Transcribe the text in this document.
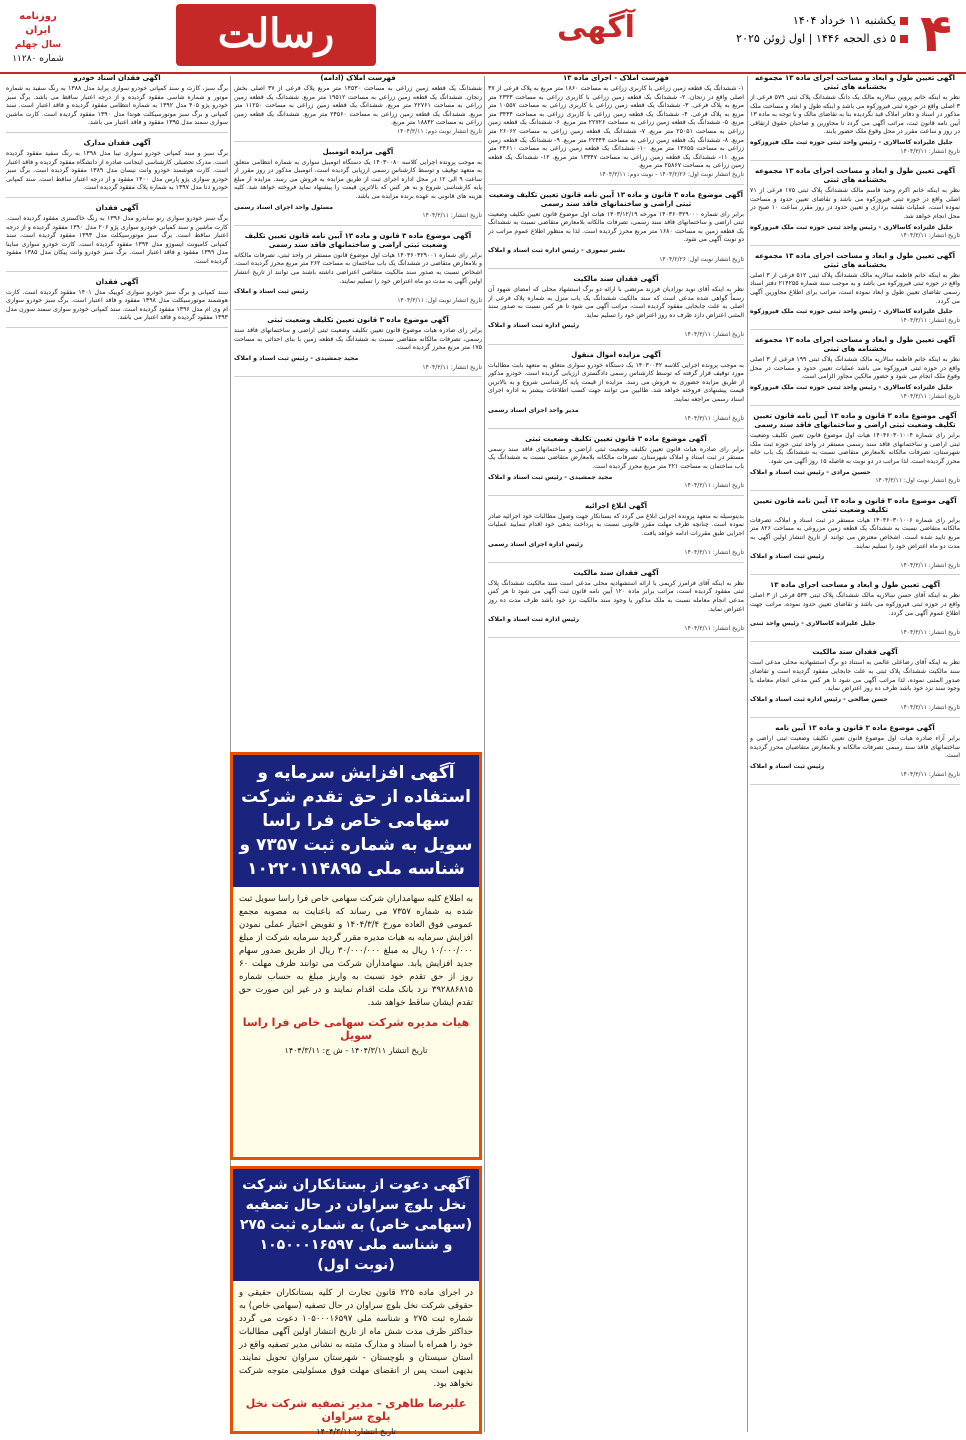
۴
یکشنبه ۱۱ خرداد ۱۴۰۴
۵ ذی الحجه ۱۴۴۶ | اول ژوئن ۲۰۲۵
آگهی
رسالت
روزنامه ایران
سال چهلم
شماره ۱۱۲۸۰
آگهی تعیین طول و ابعاد و مساحت اجرای ماده ۱۳ مجموعه بخشنامه های ثبتی

نظر به اینکه خانم پروین سالاریه مالک یک دانگ ششدانگ پلاک ثبتی ۵۷۹ فرعی از ۳ اصلی واقع در حوزه ثبتی فیروزکوه می باشد و اینکه طول و ابعاد و مساحت ملک مذکور در اسناد و دفاتر املاک قید نگردیده بنا به تقاضای مالک و با توجه به ماده ۱۳ آیین نامه قانون ثبت، مراتب آگهی می گردد تا مجاورین و صاحبان حقوق ارتفاقی در روز و ساعت مقرر در محل وقوع ملک حضور یابند.

جلیل علیزاده کاسالاری - رئیس واحد ثبتی حوزه ثبت ملک فیروزکوه

تاریخ انتشار: ۱۴۰۴/۳/۱۱

آگهی تعیین طول و ابعاد و مساحت اجرای ماده ۱۳ مجموعه بخشنامه های ثبتی

نظر به اینکه خانم اکرم وحید قاسم مالک ششدانگ پلاک ثبتی ۱۷۵ فرعی از ۷۱ اصلی واقع در حوزه ثبتی فیروزکوه می باشد و تقاضای تعیین حدود و مساحت نموده است، عملیات نقشه برداری و تعیین حدود در روز مقرر ساعت ۱۰ صبح در محل انجام خواهد شد.

جلیل علیزاده کاسالاری - رئیس واحد ثبتی حوزه ثبت ملک فیروزکوه

تاریخ انتشار: ۱۴۰۴/۳/۱۱

آگهی تعیین طول و ابعاد و مساحت اجرای ماده ۱۳ مجموعه بخشنامه های ثبتی

نظر به اینکه خانم فاطمه سالاریه مالک ششدانگ پلاک ثبتی ۵۱۲ فرعی از ۳ اصلی واقع در حوزه ثبتی فیروزکوه می باشد و به موجب سند شماره ۲۱۴۲۵۵ دفتر اسناد رسمی تقاضای تعیین طول و ابعاد نموده است، مراتب برای اطلاع مجاورین آگهی می گردد.

جلیل علیزاده کاسالاری - رئیس واحد ثبتی حوزه ثبت ملک فیروزکوه

تاریخ انتشار: ۱۴۰۴/۳/۱۱

آگهی تعیین طول و ابعاد و مساحت اجرای ماده ۱۳ مجموعه بخشنامه های ثبتی

نظر به اینکه خانم فاطمه سالاریه مالک ششدانگ پلاک ثبتی ۱۹۹ فرعی از ۳ اصلی واقع در حوزه ثبتی فیروزکوه می باشد عملیات تعیین حدود و مساحت در محل وقوع ملک انجام می شود و حضور مالکین مجاور الزامی است.

جلیل علیزاده کاسالاری - رئیس واحد ثبتی حوزه ثبت ملک فیروزکوه

تاریخ انتشار: ۱۴۰۴/۳/۱۱

آگهی موضوع ماده ۳ قانون و ماده ۱۳ آیین نامه قانون تعیین تکلیف وضعیت ثبتی اراضی و ساختمانهای فاقد سند رسمی

برابر رای شماره ۱۴۰۴۶۰۳۰۱۰۰۴ هیات اول موضوع قانون تعیین تکلیف وضعیت ثبتی اراضی و ساختمانهای فاقد سند رسمی مستقر در واحد ثبتی حوزه ثبت ملک شهرستان، تصرفات مالکانه بلامعارض متقاضی نسبت به ششدانگ یک باب خانه محرز گردیده است. لذا مراتب در دو نوبت به فاصله ۱۵ روز آگهی می شود.

حسین مرادی - رئیس ثبت اسناد و املاک

تاریخ انتشار نوبت اول: ۱۴۰۴/۳/۱۱

آگهی موضوع ماده ۳ قانون و ماده ۱۳ آیین نامه قانون تعیین تکلیف وضعیت ثبتی

برابر رای شماره ۱۴۰۴۶۰۳۰۱۰۰۶ هیات مستقر در ثبت اسناد و املاک، تصرفات مالکانه متقاضی نسبت به ششدانگ یک قطعه زمین مزروعی به مساحت ۸۲۶ متر مربع تایید شده است. اشخاص معترض می توانند از تاریخ انتشار اولین آگهی به مدت دو ماه اعتراض خود را تسلیم نمایند.

رئیس ثبت اسناد و املاک

تاریخ انتشار: ۱۴۰۴/۳/۱۱

آگهی تعیین طول و ابعاد و مساحت اجرای ماده ۱۳

نظر به اینکه آقای حسن سالاریه مالک ششدانگ پلاک ثبتی ۵۳۴ فرعی از ۳ اصلی واقع در حوزه ثبتی فیروزکوه می باشد و تقاضای تعیین حدود نموده، مراتب جهت اطلاع عموم آگهی می گردد.

جلیل علیزاده کاسالاری - رئیس واحد ثبتی

تاریخ انتشار: ۱۴۰۴/۳/۱۱

آگهی فقدان سند مالکیت

نظر به اینکه آقای رضاعلی عالمی به استناد دو برگ استشهادیه محلی مدعی است سند مالکیت ششدانگ پلاک ثبتی به علت جابجایی مفقود گردیده است و تقاضای صدور المثنی نموده، لذا مراتب آگهی می شود تا هر کس مدعی انجام معامله یا وجود سند نزد خود باشد ظرف ده روز اعتراض نماید.

حسن صالحی - رئیس اداره ثبت اسناد و املاک

تاریخ انتشار: ۱۴۰۴/۳/۱۱

آگهی موضوع ماده ۳ قانون و ماده ۱۳ آیین نامه

برابر آراء صادره هیات اول موضوع قانون تعیین تکلیف وضعیت ثبتی اراضی و ساختمانهای فاقد سند رسمی تصرفات مالکانه و بلامعارض متقاضیان محرز گردیده است.

رئیس ثبت اسناد و املاک

تاریخ انتشار: ۱۴۰۴/۳/۱۱

فهرست املاک - اجرای ماده ۱۳

۱- ششدانگ یک قطعه زمین زراعی با کاربری زراعی به مساحت ۱۸۶۰ متر مربع به پلاک فرعی از ۳۷ اصلی واقع در زنجان. ۲- ششدانگ یک قطعه زمین زراعی با کاربری زراعی به مساحت ۲۳۴۳ متر مربع به پلاک فرعی. ۳- ششدانگ یک قطعه زمین زراعی با کاربری زراعی به مساحت ۱۰۵۵۷ متر مربع به پلاک فرعی. ۴- ششدانگ یک قطعه زمین زراعی با کاربری زراعی به مساحت ۳۴۳۴ متر مربع. ۵- ششدانگ یک قطعه زمین زراعی به مساحت ۲۲۷۲۶ متر مربع. ۶- ششدانگ یک قطعه زمین زراعی به مساحت ۲۵۰۵۱ متر مربع. ۷- ششدانگ یک قطعه زمین زراعی به مساحت ۲۶۰۶۲ متر مربع. ۸- ششدانگ یک قطعه زمین زراعی به مساحت ۲۲۴۴۴ متر مربع. ۹- ششدانگ یک قطعه زمین زراعی به مساحت ۱۳۶۵۵ متر مربع. ۱۰- ششدانگ یک قطعه زمین زراعی به مساحت ۲۴۶۱۰ متر مربع. ۱۱- ششدانگ یک قطعه زمین زراعی به مساحت ۱۳۳۴۷ متر مربع. ۱۲- ششدانگ یک قطعه زمین زراعی به مساحت ۲۵۸۶۷ متر مربع.

تاریخ انتشار نوبت اول: ۱۴۰۴/۲/۲۶ - نوبت دوم: ۱۴۰۴/۳/۱۱

آگهی موضوع ماده ۳ قانون و ماده ۱۳ آیین نامه قانون تعیین تکلیف وضعیت ثبتی اراضی و ساختمانهای فاقد سند رسمی

برابر رای شماره ۱۴۰۳۶۰۳۲۹۰۰۰ مورخه ۱۴۰۳/۱۲/۱۹ هیات اول موضوع قانون تعیین تکلیف وضعیت ثبتی اراضی و ساختمانهای فاقد سند رسمی، تصرفات مالکانه بلامعارض متقاضی نسبت به ششدانگ یک قطعه زمین به مساحت ۱۶۸۰ متر مربع محرز گردیده است. لذا به منظور اطلاع عموم مراتب در دو نوبت آگهی می شود.

بشیر تیموری - رئیس اداره ثبت اسناد و املاک

تاریخ انتشار نوبت اول: ۱۴۰۴/۲/۲۶

آگهی فقدان سند مالکیت

نظر به اینکه آقای نوید نوزادیان فرزند مرتضی با ارائه دو برگ استشهاد محلی که امضای شهود آن رسماً گواهی شده مدعی است که سند مالکیت ششدانگ یک باب منزل به شماره پلاک فرعی از اصلی به علت جابجایی مفقود گردیده است، مراتب آگهی می شود تا هر کس نسبت به صدور سند المثنی اعتراض دارد ظرف ده روز اعتراض خود را تسلیم نماید.

رئیس اداره ثبت اسناد و املاک

تاریخ انتشار: ۱۴۰۴/۳/۱۱

آگهی مزایده اموال منقول

به موجب پرونده اجرایی کلاسه ۱۴۰۳۰۰۴۲ یک دستگاه خودرو سواری متعلق به متعهد بابت مطالبات مورد توقیف قرار گرفته که توسط کارشناس رسمی دادگستری ارزیابی گردیده است. خودرو مذکور از طریق مزایده حضوری به فروش می رسد. مزایده از قیمت پایه کارشناسی شروع و به بالاترین قیمت پیشنهادی فروخته خواهد شد. طالبین می توانند جهت کسب اطلاعات بیشتر به اداره اجرای اسناد رسمی مراجعه نمایند.

مدیر واحد اجرای اسناد رسمی

تاریخ انتشار: ۱۴۰۴/۳/۱۱

آگهی موضوع ماده ۳ قانون تعیین تکلیف وضعیت ثبتی

برابر رای صادره هیات قانون تعیین تکلیف وضعیت ثبتی اراضی و ساختمانهای فاقد سند رسمی مستقر در ثبت اسناد و املاک شهرستان، تصرفات مالکانه بلامعارض متقاضی نسبت به ششدانگ یک باب ساختمان به مساحت ۲۲۱ متر مربع محرز گردیده است.

مجید جمشیدی - رئیس ثبت اسناد و املاک

تاریخ انتشار: ۱۴۰۴/۳/۱۱

آگهی ابلاغ اجرائیه

بدینوسیله به متعهد پرونده اجرایی ابلاغ می گردد که بستانکار جهت وصول مطالبات خود اجرائیه صادر نموده است. چنانچه ظرف مهلت مقرر قانونی نسبت به پرداخت بدهی خود اقدام ننمایید عملیات اجرایی طبق مقررات ادامه خواهد یافت.

رئیس اداره اجرای اسناد رسمی

تاریخ انتشار: ۱۴۰۴/۳/۱۱

آگهی فقدان سند مالکیت

نظر به اینکه آقای فرامرز کریمی با ارائه استشهادیه محلی مدعی است سند مالکیت ششدانگ پلاک ثبتی مفقود گردیده است، مراتب برابر ماده ۱۲۰ آیین نامه قانون ثبت آگهی می شود تا هر کس مدعی انجام معامله نسبت به ملک مذکور یا وجود سند مالکیت نزد خود باشد ظرف مدت ده روز اعتراض نماید.

رئیس اداره ثبت اسناد و املاک

تاریخ انتشار: ۱۴۰۴/۳/۱۱

فهرست املاک (ادامه)

ششدانگ یک قطعه زمین زراعی به مساحت ۱۴۵۳۰ متر مربع پلاک فرعی از ۳۷ اصلی بخش زنجان. ششدانگ یک قطعه زمین زراعی به مساحت ۱۹۵۱۲ متر مربع. ششدانگ یک قطعه زمین زراعی به مساحت ۲۲۷۶۱ متر مربع. ششدانگ یک قطعه زمین زراعی به مساحت ۱۱۲۵۰ متر مربع. ششدانگ یک قطعه زمین زراعی به مساحت ۲۴۵۶۰ متر مربع. ششدانگ یک قطعه زمین زراعی به مساحت ۱۸۸۴۲ متر مربع.

تاریخ انتشار نوبت دوم: ۱۴۰۴/۳/۱۱

آگهی مزایده اتومبیل

به موجب پرونده اجرایی کلاسه ۱۴۰۳۰۰۸۰ یک دستگاه اتومبیل سواری به شماره انتظامی متعلق به متعهد توقیف و توسط کارشناس رسمی ارزیابی گردیده است. اتومبیل مذکور در روز مقرر از ساعت ۹ الی ۱۲ در محل اداره اجرای ثبت از طریق مزایده به فروش می رسد. مزایده از مبلغ پایه کارشناسی شروع و به هر کس که بالاترین قیمت را پیشنهاد نماید فروخته خواهد شد. کلیه هزینه های قانونی به عهده برنده مزایده می باشد.

مسئول واحد اجرای اسناد رسمی

تاریخ انتشار: ۱۴۰۴/۳/۱۱

آگهی موضوع ماده ۳ قانون و ماده ۱۳ آیین نامه قانون تعیین تکلیف وضعیت ثبتی اراضی و ساختمانهای فاقد سند رسمی

برابر رای شماره ۱۴۰۳۶۰۳۲۹۰۰۱ هیات اول موضوع قانون مستقر در واحد ثبتی، تصرفات مالکانه و بلامعارض متقاضی در ششدانگ یک باب ساختمان به مساحت ۲۶۲ متر مربع محرز گردیده است. اشخاص نسبت به صدور سند مالکیت متقاضی اعتراضی داشته باشند می توانند از تاریخ انتشار اولین آگهی به مدت دو ماه اعتراض خود را تسلیم نمایند.

رئیس ثبت اسناد و املاک

تاریخ انتشار نوبت اول: ۱۴۰۴/۳/۱۱

آگهی موضوع ماده ۳ قانون تعیین تکلیف وضعیت ثبتی

برابر رای صادره هیات موضوع قانون تعیین تکلیف وضعیت ثبتی اراضی و ساختمانهای فاقد سند رسمی، تصرفات مالکانه متقاضی نسبت به ششدانگ یک قطعه زمین با بنای احداثی به مساحت ۱۷۵ متر مربع محرز گردیده است.

مجید جمشیدی - رئیس ثبت اسناد و املاک

تاریخ انتشار: ۱۴۰۴/۳/۱۱

آگهی فقدان اسناد خودرو

برگ سبز، کارت و سند کمپانی خودرو سواری پراید مدل ۱۳۸۸ به رنگ سفید به شماره موتور و شماره شاسی مفقود گردیده و از درجه اعتبار ساقط می باشد. برگ سبز خودرو پژو ۴۰۵ مدل ۱۳۹۲ به شماره انتظامی مفقود گردیده و فاقد اعتبار است. سند کمپانی و برگ سبز موتورسیکلت هوندا مدل ۱۳۹۰ مفقود گردیده است. کارت ماشین سواری سمند مدل ۱۳۹۵ مفقود و فاقد اعتبار می باشد.

آگهی فقدان مدارک

برگ سبز و سند کمپانی خودرو سواری تیبا مدل ۱۳۹۸ به رنگ سفید مفقود گردیده است. مدرک تحصیلی کارشناسی اینجانب صادره از دانشگاه مفقود گردیده و فاقد اعتبار است. کارت هوشمند خودرو وانت نیسان مدل ۱۳۸۹ مفقود گردیده است. برگ سبز خودرو سواری پژو پارس مدل ۱۴۰۰ مفقود و از درجه اعتبار ساقط است. سند کمپانی خودرو دنا مدل ۱۳۹۷ به شماره پلاک مفقود گردیده است.

آگهی فقدان

برگ سبز خودرو سواری رنو ساندرو مدل ۱۳۹۶ به رنگ خاکستری مفقود گردیده است. کارت ماشین و سند کمپانی خودرو سواری پژو ۲۰۶ مدل ۱۳۹۰ مفقود گردیده و از درجه اعتبار ساقط است. برگ سبز موتورسیکلت مدل ۱۳۹۳ مفقود گردیده است. سند کمپانی کامیونت ایسوزو مدل ۱۳۹۴ مفقود گردیده است. کارت خودرو سواری ساینا مدل ۱۳۹۹ مفقود و فاقد اعتبار است. برگ سبز خودرو وانت پیکان مدل ۱۳۸۵ مفقود گردیده است.

آگهی فقدان

سند کمپانی و برگ سبز خودرو سواری کوییک مدل ۱۴۰۱ مفقود گردیده است. کارت هوشمند موتورسیکلت مدل ۱۳۹۸ مفقود و فاقد اعتبار است. برگ سبز خودرو سواری ام وی ام مدل ۱۳۹۶ مفقود گردیده است. سند کمپانی خودرو سواری سمند سورن مدل ۱۳۹۳ مفقود گردیده و فاقد اعتبار می باشد.

آگهی افزایش سرمایه و استفاده از حق تقدم شرکت سهامی خاص فرا راسا سویل به شماره ثبت ۷۳۵۷ و شناسه ملی ۱۰۲۲۰۱۱۴۸۹۵
به اطلاع کلیه سهامداران شرکت سهامی خاص فرا راسا سویل ثبت شده به شماره ۷۳۵۷ می رساند که باعنایت به مصوبه مجمع عمومی فوق العاده مورخ ۱۴۰۴/۳/۴ و تفویض اختیار عملی نمودن افزایش سرمایه به هیات مدیره مقرر گردید سرمایه شرکت از مبلغ ۱۰/۰۰۰/۰۰۰ ریال به مبلغ ۳۰/۰۰۰/۰۰۰ ریال از طریق صدور سهام جدید افزایش یابد. سهامداران شرکت می توانند ظرف مهلت ۶۰ روز از حق تقدم خود نسبت به واریز مبلغ به حساب شماره ۳۹۲۸۸۶۸۱۵ نزد بانک ملت اقدام نمایند و در غیر این صورت حق تقدم ایشان ساقط خواهد شد.
هیات مدیره شرکت سهامی خاص فرا راسا سویل
تاریخ انتشار ۱۴۰۴/۳/۱۱ - ش ج: ۱۴۰۴/۳/۱۱
آگهی دعوت از بستانکاران شرکت نخل بلوچ سراوان در حال تصفیه (سهامی خاص) به شماره ثبت ۲۷۵ و شناسه ملی ۱۰۵۰۰۰۱۶۵۹۷ (نوبت اول)
در اجرای ماده ۲۲۵ قانون تجارت از کلیه بستانکاران حقیقی و حقوقی شرکت نخل بلوچ سراوان در حال تصفیه (سهامی خاص) به شماره ثبت ۲۷۵ و شناسه ملی ۱۰۵۰۰۰۱۶۵۹۷ دعوت می گردد حداکثر ظرف مدت شش ماه از تاریخ انتشار اولین آگهی مطالبات خود را همراه با اسناد و مدارک مثبته به نشانی مدیر تصفیه واقع در استان سیستان و بلوچستان - شهرستان سراوان تحویل نمایند. بدیهی است پس از انقضای مهلت فوق مسئولیتی متوجه شرکت نخواهد بود.
علیرضا طاهری - مدیر تصفیه شرکت نخل بلوچ سراوان
تاریخ انتشار: ۱۴۰۴/۳/۱۱
